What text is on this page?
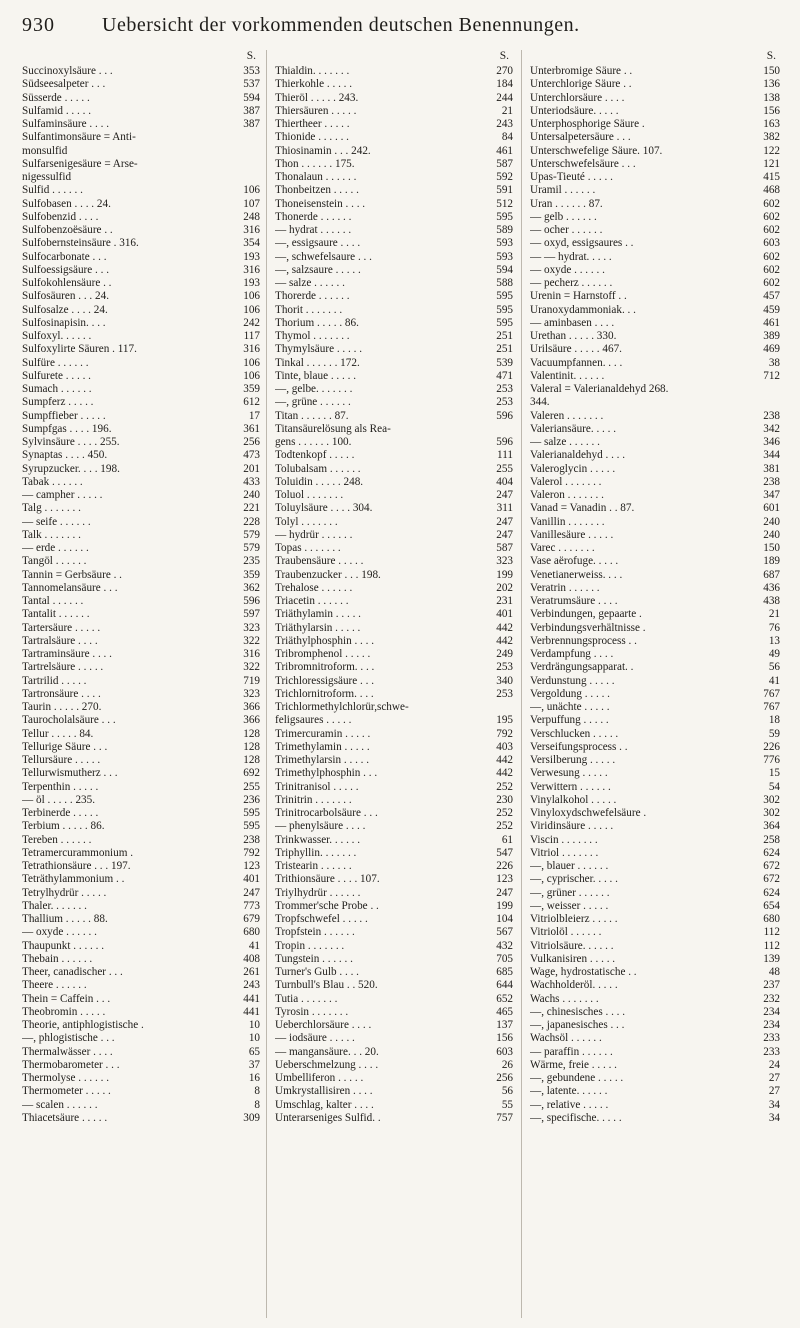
930 Uebersicht der vorkommenden deutschen Benennungen.
S.
Succinoxylsäure . . .	353
Südseesalpeter . . .	537
Süsserde . . . . .	594
Sulfamid . . . . .	387
Sulfaminsäure . . . .	387
Sulfantimonsäure = Anti-
monsulfid
Sulfarsenigesäure = Arse-
nigessulfid
Sulfid . . . . . .	106
Sulfobasen . . . . 24.	107
Sulfobenzid . . . .	248
Sulfobenzoësäure . .	316
Sulfobernsteinsäure . 316.	354
Sulfocarbonate . . .	193
Sulfoessigsäure . . .	316
Sulfokohlensäure . .	193
Sulfosäuren . . . 24.	106
Sulfosalze . . . . 24.	106
Sulfosinapisin. . . .	242
Sulfoxyl. . . . . .	117
Sulfoxylirte Säuren . 117.	316
Sulfüre . . . . . .	106
Sulfurete . . . . .	106
Sumach . . . . . .	359
Sumpferz . . . . .	612
Sumpffieber . . . . .	17
Sumpfgas . . . . 196.	361
Sylvinsäure . . . . 255.	256
Synaptas . . . . 450.	473
Syrupzucker. . . . 198.	201
Tabak . . . . . .	433
— campher . . . . .	240
Talg . . . . . . .	221
— seife . . . . . .	228
Talk . . . . . . .	579
— erde . . . . . .	579
Tangöl . . . . . .	235
Tannin = Gerbsäure . .	359
Tannomelansäure . . .	362
Tantal . . . . . .	596
Tantalit . . . . . .	597
Tartersäure . . . . .	323
Tartralsäure . . . .	322
Tartraminsäure . . . .	316
Tartrelsäure . . . . .	322
Tartrilid . . . . .	719
Tartronsäure . . . .	323
Taurin . . . . . 270.	366
Taurocholalsäure . . .	366
Tellur . . . . . 84.	128
Tellurige Säure . . .	128
Tellursäure . . . . .	128
Tellurwismutherz . . .	692
Terpenthin . . . . .	255
— öl . . . . . 235.	236
Terbinerde . . . . .	595
Terbium . . . . . 86.	595
Tereben . . . . . .	238
Tetramercurammonium .	792
Tetrathionsäure . . . 197.	123
Teträthylammonium . .	401
Tetrylhydrür . . . . .	247
Thaler. . . . . . .	773
Thallium . . . . . 88.	679
— oxyde . . . . . .	680
Thaupunkt . . . . . .	41
Thebain . . . . . .	408
Theer, canadischer . . .	261
Theere . . . . . .	243
Thein = Caffein . . .	441
Theobromin . . . . .	441
Theorie, antiphlogistische .	10
—, phlogistische . . .	10
Thermalwässer . . . .	65
Thermobarometer . . .	37
Thermolyse . . . . . .	16
Thermometer . . . . .	8
— scalen . . . . . .	8
Thiacetsäure . . . . .	309
S.
Thialdin. . . . . . .	270
Thierkohle . . . . .	184
Thieröl . . . . . 243.	244
Thiersäuren . . . . .	21
Thiertheer . . . . .	243
Thionide . . . . . .	84
Thiosinamin . . . 242.	461
Thon . . . . . . 175.	587
Thonalaun . . . . . .	592
Thonbeitzen . . . . .	591
Thoneisenstein . . . .	512
Thonerde . . . . . .	595
— hydrat . . . . . .	589
—, essigsaure . . . .	593
—, schwefelsaure . . .	593
—, salzsaure . . . . .	594
— salze . . . . . .	588
Thorerde . . . . . .	595
Thorit . . . . . . .	595
Thorium . . . . . 86.	595
Thymol . . . . . . .	251
Thymylsäure . . . . .	251
Tinkal . . . . . . 172.	539
Tinte, blaue . . . . .	471
—, gelbe. . . . . . .	253
—, grüne . . . . . .	253
Titan . . . . . . 87.	596
Titansäurelösung als Rea-
gens . . . . . . 100.	596
Todtenkopf . . . . .	111
Tolubalsam . . . . . .	255
Toluidin . . . . . 248.	404
Toluol . . . . . . .	247
Toluylsäure . . . . 304.	311
Tolyl . . . . . . .	247
— hydrür . . . . . .	247
Topas . . . . . . .	587
Traubensäure . . . . .	323
Traubenzucker . . . 198.	199
Trehalose . . . . . .	202
Triacetin . . . . . .	231
Triäthylamin . . . . .	401
Triäthylarsin . . . . .	442
Triäthylphosphin . . . .	442
Tribromphenol . . . . .	249
Tribromnitroform. . . .	253
Trichloressigsäure . . .	340
Trichlornitroform. . . .	253
Trichlormethylchlorür,schwe-
feligsaures . . . . .	195
Trimercuramin . . . . .	792
Trimethylamin . . . . .	403
Trimethylarsin . . . . .	442
Trimethylphosphin . . .	442
Trinitranisol . . . . .	252
Trinitrin . . . . . . .	230
Trinitrocarbolsäure . . .	252
— phenylsäure . . . .	252
Trinkwasser. . . . . .	61
Triphyllin. . . . . . .	547
Tristearin . . . . . .	226
Trithionsäure . . . . 107.	123
Triylhydrür . . . . . .	247
Trommer'sche Probe . .	199
Tropfschwefel . . . . .	104
Tropfstein . . . . . .	567
Tropin . . . . . . .	432
Tungstein . . . . . .	705
Turner's Gulb . . . .	685
Turnbull's Blau . . 520.	644
Tutia . . . . . . .	652
Tyrosin . . . . . . .	465
Ueberchlorsäure . . . .	137
— iodsäure . . . . .	156
— mangansäure. . . 20.	603
Ueberschmelzung . . . .	26
Umbelliferon . . . . .	256
Umkrystallisiren . . . .	56
Umschlag, kalter . . . .	55
Unterarseniges Sulfid. .	757
S.
Unterbromige Säure . .	150
Unterchlorige Säure . .	136
Unterchlorsäure . . . .	138
Unteriodsäure. . . . .	156
Unterphosphorige Säure .	163
Untersalpetersäure . . .	382
Unterschwefelige Säure. 107.	122
Unterschwefelsäure . . .	121
Upas-Tieuté . . . . .	415
Uramil . . . . . .	468
Uran . . . . . . 87.	602
— gelb . . . . . .	602
— ocher . . . . . .	602
— oxyd, essigsaures . .	603
— — hydrat. . . . .	602
— oxyde . . . . . .	602
— pecherz . . . . . .	602
Urenin = Harnstoff . .	457
Uranoxydammoniak. . .	459
— aminbasen . . . .	461
Urethan . . . . . 330.	389
Urilsäure . . . . . 467.	469
Vacuumpfannen. . . .	38
Valentinit. . . . . .	712
Valeral = Valerianaldehyd 268.
344.
Valeren . . . . . . .	238
Valeriansäure. . . . .	342
— salze . . . . . .	346
Valerianaldehyd . . . .	344
Valeroglycin . . . . .	381
Valerol . . . . . . .	238
Valeron . . . . . . .	347
Vanad = Vanadin . . 87.	601
Vanillin . . . . . . .	240
Vanillesäure . . . . .	240
Varec . . . . . . .	150
Vase aërofuge. . . . .	189
Venetianerweiss. . . .	687
Veratrin . . . . . .	436
Veratrumsäure . . . .	438
Verbindungen, gepaarte .	21
Verbindungsverhältnisse .	76
Verbrennungsprocess . .	13
Verdampfung . . . .	49
Verdrängungsapparat. .	56
Verdunstung . . . . .	41
Vergoldung . . . . .	767
—, unächte . . . . .	767
Verpuffung . . . . .	18
Verschlucken . . . . .	59
Verseifungsprocess . .	226
Versilberung . . . . .	776
Verwesung . . . . .	15
Verwittern . . . . . .	54
Vinylalkohol . . . . .	302
Vinyloxydschwefelsäure .	302
Viridinsäure . . . . .	364
Viscin . . . . . . .	258
Vitriol . . . . . . .	624
—, blauer . . . . . .	672
—, cyprischer. . . . .	672
—, grüner . . . . . .	624
—, weisser . . . . .	654
Vitriolbleierz . . . . .	680
Vitriolöl . . . . . .	112
Vitriolsäure. . . . . .	112
Vulkanisiren . . . . .	139
Wage, hydrostatische . .	48
Wachholderöl. . . . .	237
Wachs . . . . . . .	232
—, chinesisches . . . .	234
—, japanesisches . . .	234
Wachsöl . . . . . .	233
— paraffin . . . . . .	233
Wärme, freie . . . . .	24
—, gebundene . . . . .	27
—, latente. . . . . .	27
—, relative . . . . .	34
—, specifische. . . . .	34
